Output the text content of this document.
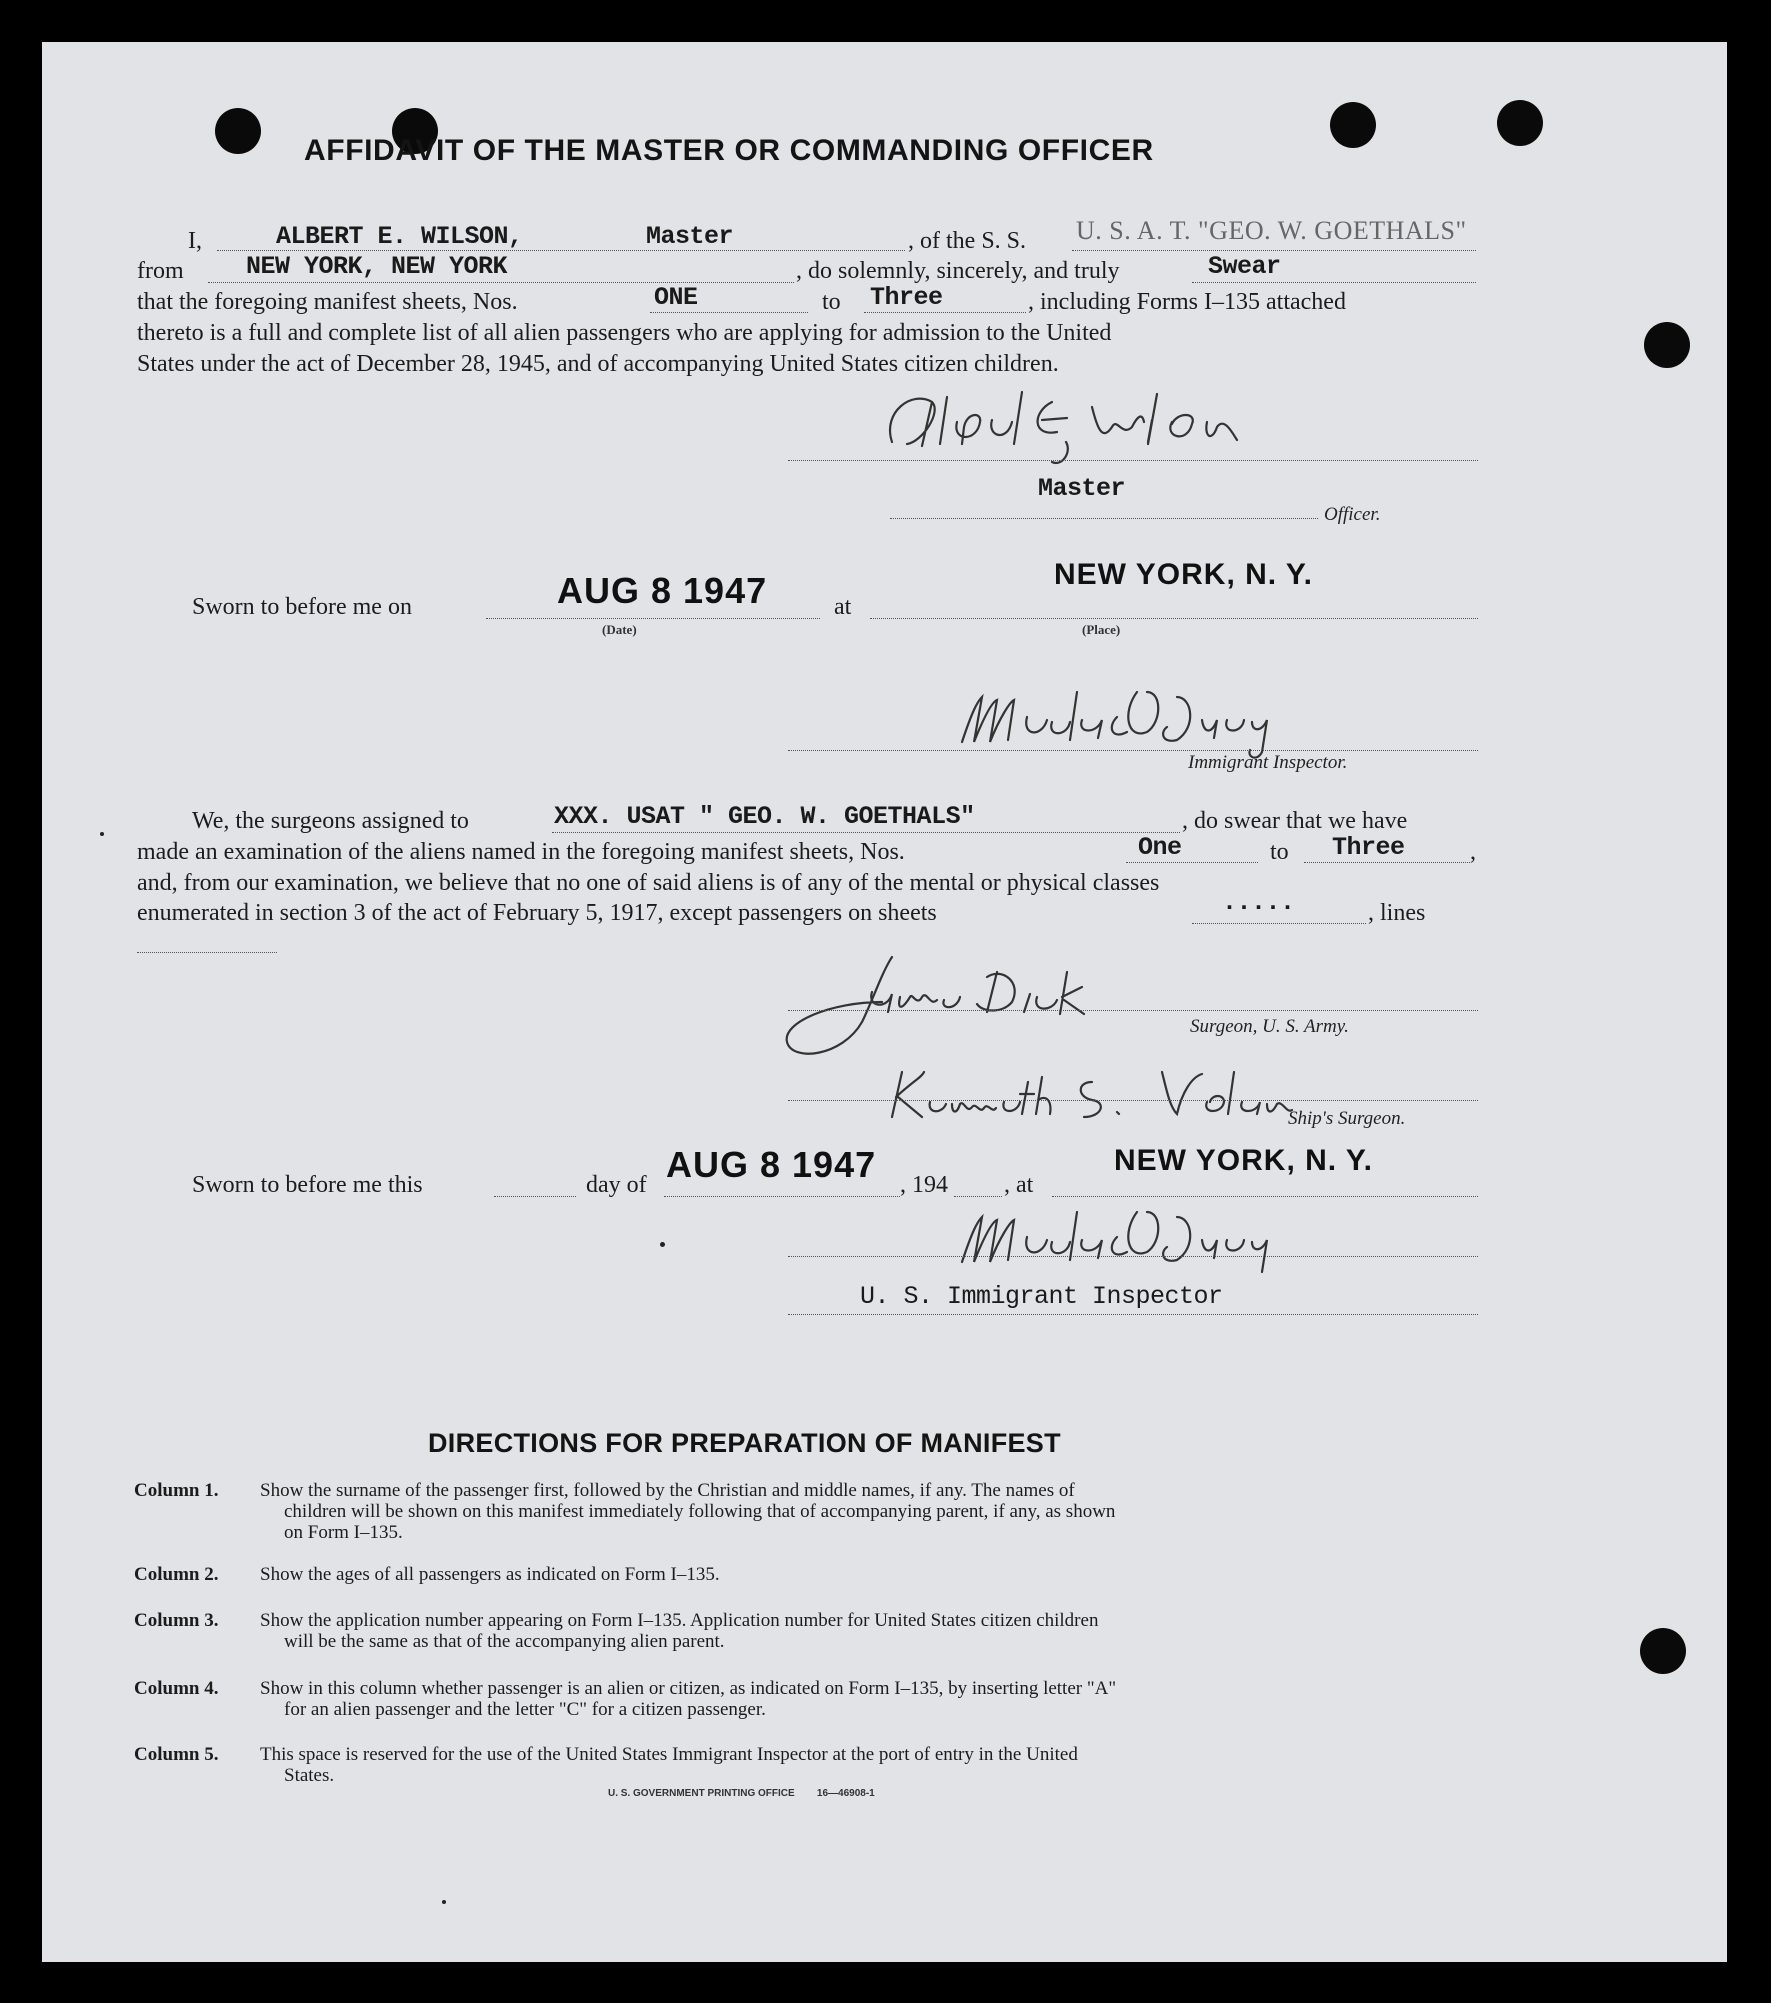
AFFIDAVIT OF THE MASTER OR COMMANDING OFFICER
I,	ALBERT E. WILSON,	Master	, of the S. S. U. S. A. T. "GEO. W. GOETHALS"
from NEW YORK, NEW YORK	, do solemnly, sincerely, and truly	Swear
that the foregoing manifest sheets, Nos.	ONE	to Three	, including Forms I–135 attached
thereto is a full and complete list of all alien passengers who are applying for admission to the United
States under the act of December 28, 1945, and of accompanying United States citizen children.
Master
Officer.
Sworn to before me on	AUG 8 1947
(Date)
at
NEW YORK, N. Y.
(Place)
Immigrant Inspector.
We, the surgeons assigned to	XXX. USAT " GEO. W. GOETHALS"	, do swear that we have
made an examination of the aliens named in the foregoing manifest sheets, Nos.	One	to Three	,
and, from our examination, we believe that no one of said aliens is of any of the mental or physical classes
enumerated in section 3 of the act of February 5, 1917, except passengers on sheets	.....	, lines
Surgeon, U. S. Army.
Ship's Surgeon.
Sworn to before me this	day of AUG 8 1947 , 194 , at
NEW YORK, N. Y.
U. S. Immigrant Inspector
DIRECTIONS FOR PREPARATION OF MANIFEST
Column 1. Show the surname of the passenger first, followed by the Christian and middle names, if any. The names of
children will be shown on this manifest immediately following that of accompanying parent, if any, as shown
on Form I–135.
Column 2. Show the ages of all passengers as indicated on Form I–135.
Column 3. Show the application number appearing on Form I–135. Application number for United States citizen children
will be the same as that of the accompanying alien parent.
Column 4. Show in this column whether passenger is an alien or citizen, as indicated on Form I–135, by inserting letter "A"
for an alien passenger and the letter "C" for a citizen passenger.
Column 5. This space is reserved for the use of the United States Immigrant Inspector at the port of entry in the United
States.
U. S. GOVERNMENT PRINTING OFFICE        16—46908-1
